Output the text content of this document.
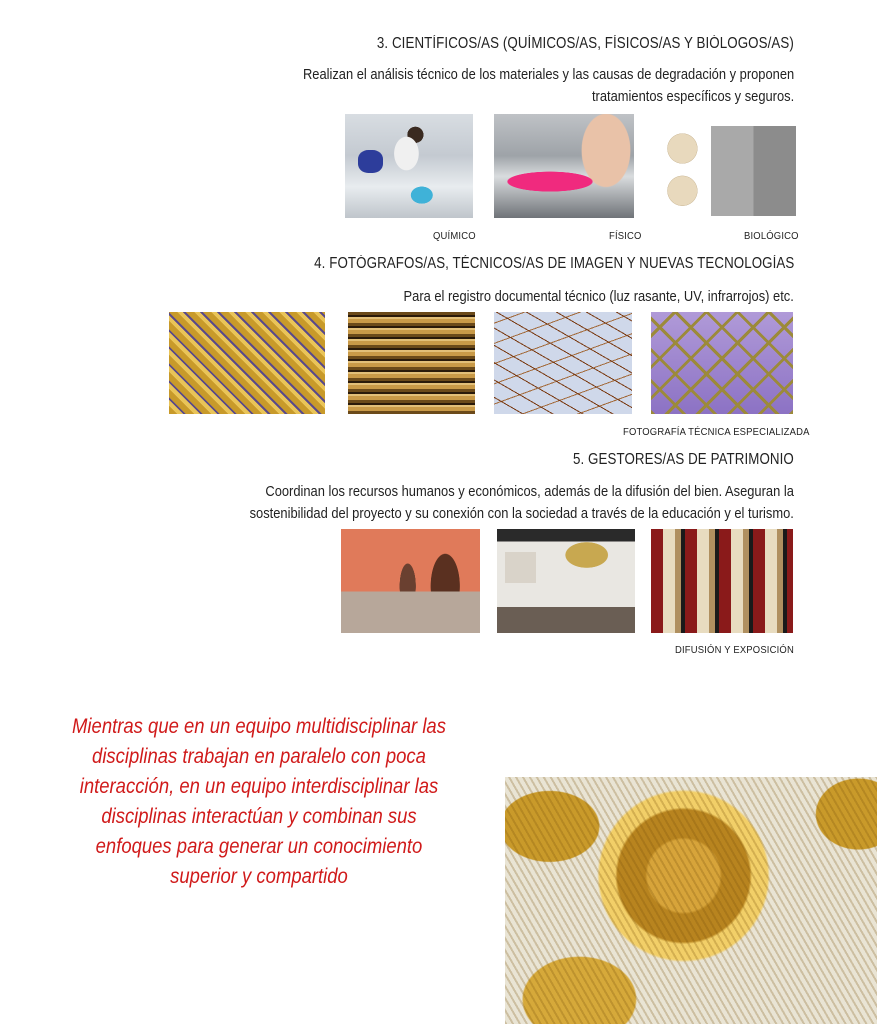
3. CIENTÍFICOS/AS (QUÍMICOS/AS, FÍSICOS/AS Y BIÓLOGOS/AS)
Realizan el análisis técnico de los materiales y las causas de degradación y proponen
tratamientos específicos y seguros.
QUÍMICO	FÍSICO	BIOLÓGICO
4. FOTÓGRAFOS/AS, TÉCNICOS/AS DE IMAGEN Y NUEVAS TECNOLOGÍAS
Para el registro documental técnico (luz rasante, UV, infrarrojos) etc.
FOTOGRAFÍA TÉCNICA ESPECIALIZADA
5. GESTORES/AS DE PATRIMONIO
Coordinan los recursos humanos y económicos, además de la difusión del bien. Aseguran la
sostenibilidad del proyecto y su conexión con la sociedad a través de la educación y el turismo.
DIFUSIÓN Y EXPOSICIÓN
Mientras que en un equipo multidisciplinar las
disciplinas trabajan en paralelo con poca
interacción, en un equipo interdisciplinar las
disciplinas interactúan y combinan sus
enfoques para generar un conocimiento
superior y compartido
